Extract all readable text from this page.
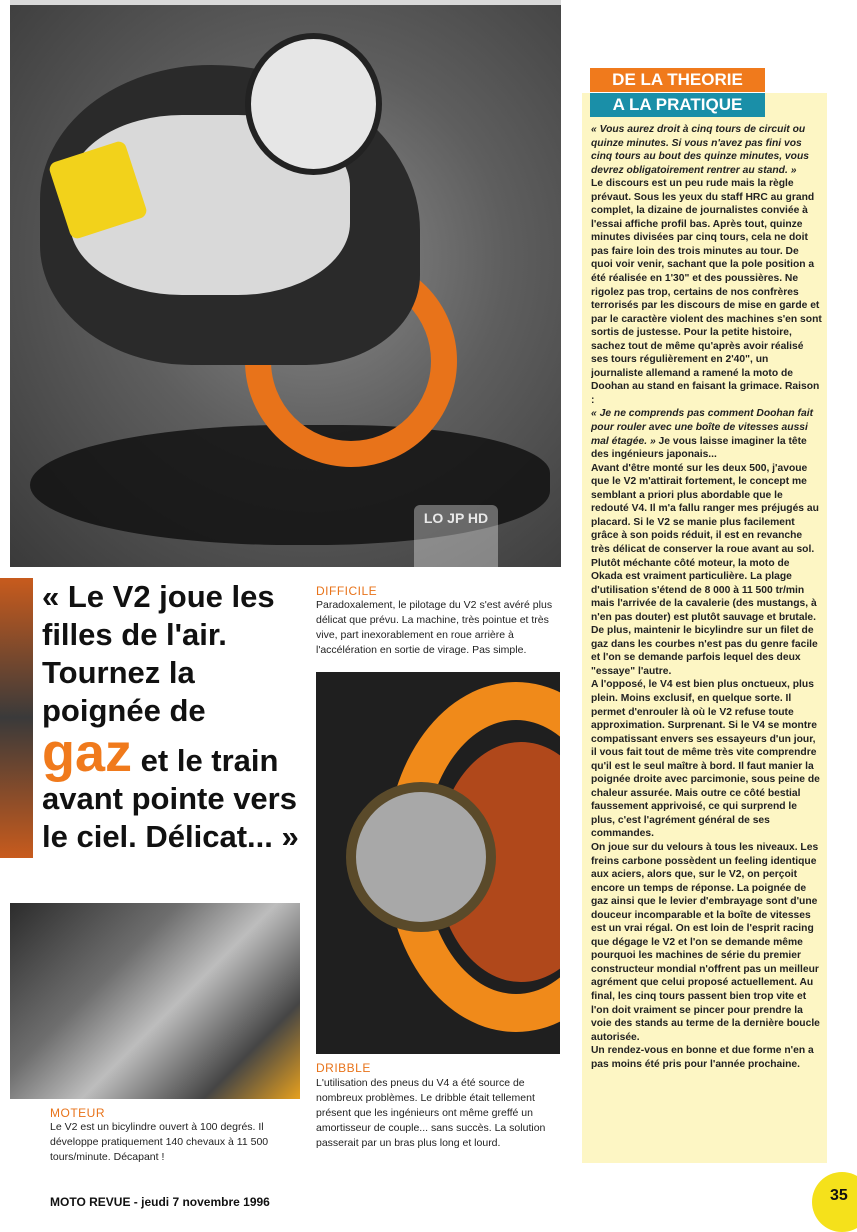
LO JP HD
DE LA THEORIE
A LA PRATIQUE

« Vous aurez droit à cinq tours de circuit ou quinze minutes. Si vous n'avez pas fini vos cinq tours au bout des quinze minutes, vous devrez obligatoirement rentrer au stand. »

Le discours est un peu rude mais la règle prévaut. Sous les yeux du staff HRC au grand complet, la dizaine de journalistes conviée à l'essai affiche profil bas. Après tout, quinze minutes divisées par cinq tours, cela ne doit pas faire loin des trois minutes au tour. De quoi voir venir, sachant que la pole position a été réalisée en 1'30" et des poussières. Ne rigolez pas trop, certains de nos confrères terrorisés par les discours de mise en garde et par le caractère violent des machines s'en sont sortis de justesse. Pour la petite histoire, sachez tout de même qu'après avoir réalisé ses tours régulièrement en 2'40", un journaliste allemand a ramené la moto de Doohan au stand en faisant la grimace. Raison :

« Je ne comprends pas comment Doohan fait pour rouler avec une boîte de vitesses aussi mal étagée. » Je vous laisse imaginer la tête des ingénieurs japonais...

Avant d'être monté sur les deux 500, j'avoue que le V2 m'attirait fortement, le concept me semblant a priori plus abordable que le redouté V4. Il m'a fallu ranger mes préjugés au placard. Si le V2 se manie plus facilement grâce à son poids réduit, il est en revanche très délicat de conserver la roue avant au sol. Plutôt méchante côté moteur, la moto de Okada est vraiment particulière. La plage d'utilisation s'étend de 8 000 à 11 500 tr/min mais l'arrivée de la cavalerie (des mustangs, à n'en pas douter) est plutôt sauvage et brutale. De plus, maintenir le bicylindre sur un filet de gaz dans les courbes n'est pas du genre facile et l'on se demande parfois lequel des deux "essaye" l'autre.

A l'opposé, le V4 est bien plus onctueux, plus plein. Moins exclusif, en quelque sorte. Il permet d'enrouler là où le V2 refuse toute approximation. Surprenant. Si le V4 se montre compatissant envers ses essayeurs d'un jour, il vous fait tout de même très vite comprendre qu'il est le seul maître à bord. Il faut manier la poignée droite avec parcimonie, sous peine de chaleur assurée. Mais outre ce côté bestial faussement apprivoisé, ce qui surprend le plus, c'est l'agrément général de ses commandes.

On joue sur du velours à tous les niveaux. Les freins carbone possèdent un feeling identique aux aciers, alors que, sur le V2, on perçoit encore un temps de réponse. La poignée de gaz ainsi que le levier d'embrayage sont d'une douceur incomparable et la boîte de vitesses est un vrai régal. On est loin de l'esprit racing que dégage le V2 et l'on se demande même pourquoi les machines de série du premier constructeur mondial n'offrent pas un meilleur agrément que celui proposé actuellement. Au final, les cinq tours passent bien trop vite et l'on doit vraiment se pincer pour prendre la voie des stands au terme de la dernière boucle autorisée.

Un rendez-vous en bonne et due forme n'en a pas moins été pris pour l'année prochaine.

« Le V2 joue les filles de l'air. Tournez la poignée de
gaz et le train avant pointe vers le ciel. Délicat... »
DIFFICILE
Paradoxalement, le pilotage du V2 s'est avéré plus délicat que prévu. La machine, très pointue et très vive, part inexorablement en roue arrière à l'accélération en sortie de virage. Pas simple.
DRIBBLE
L'utilisation des pneus du V4 a été source de nombreux problèmes. Le dribble était tellement présent que les ingénieurs ont même greffé un amortisseur de couple... sans succès. La solution passerait par un bras plus long et lourd.
MOTEUR
Le V2 est un bicylindre ouvert à 100 degrés. Il développe pratiquement 140 chevaux à 11 500 tours/minute. Décapant !
MOTO REVUE - jeudi 7 novembre 1996	35
